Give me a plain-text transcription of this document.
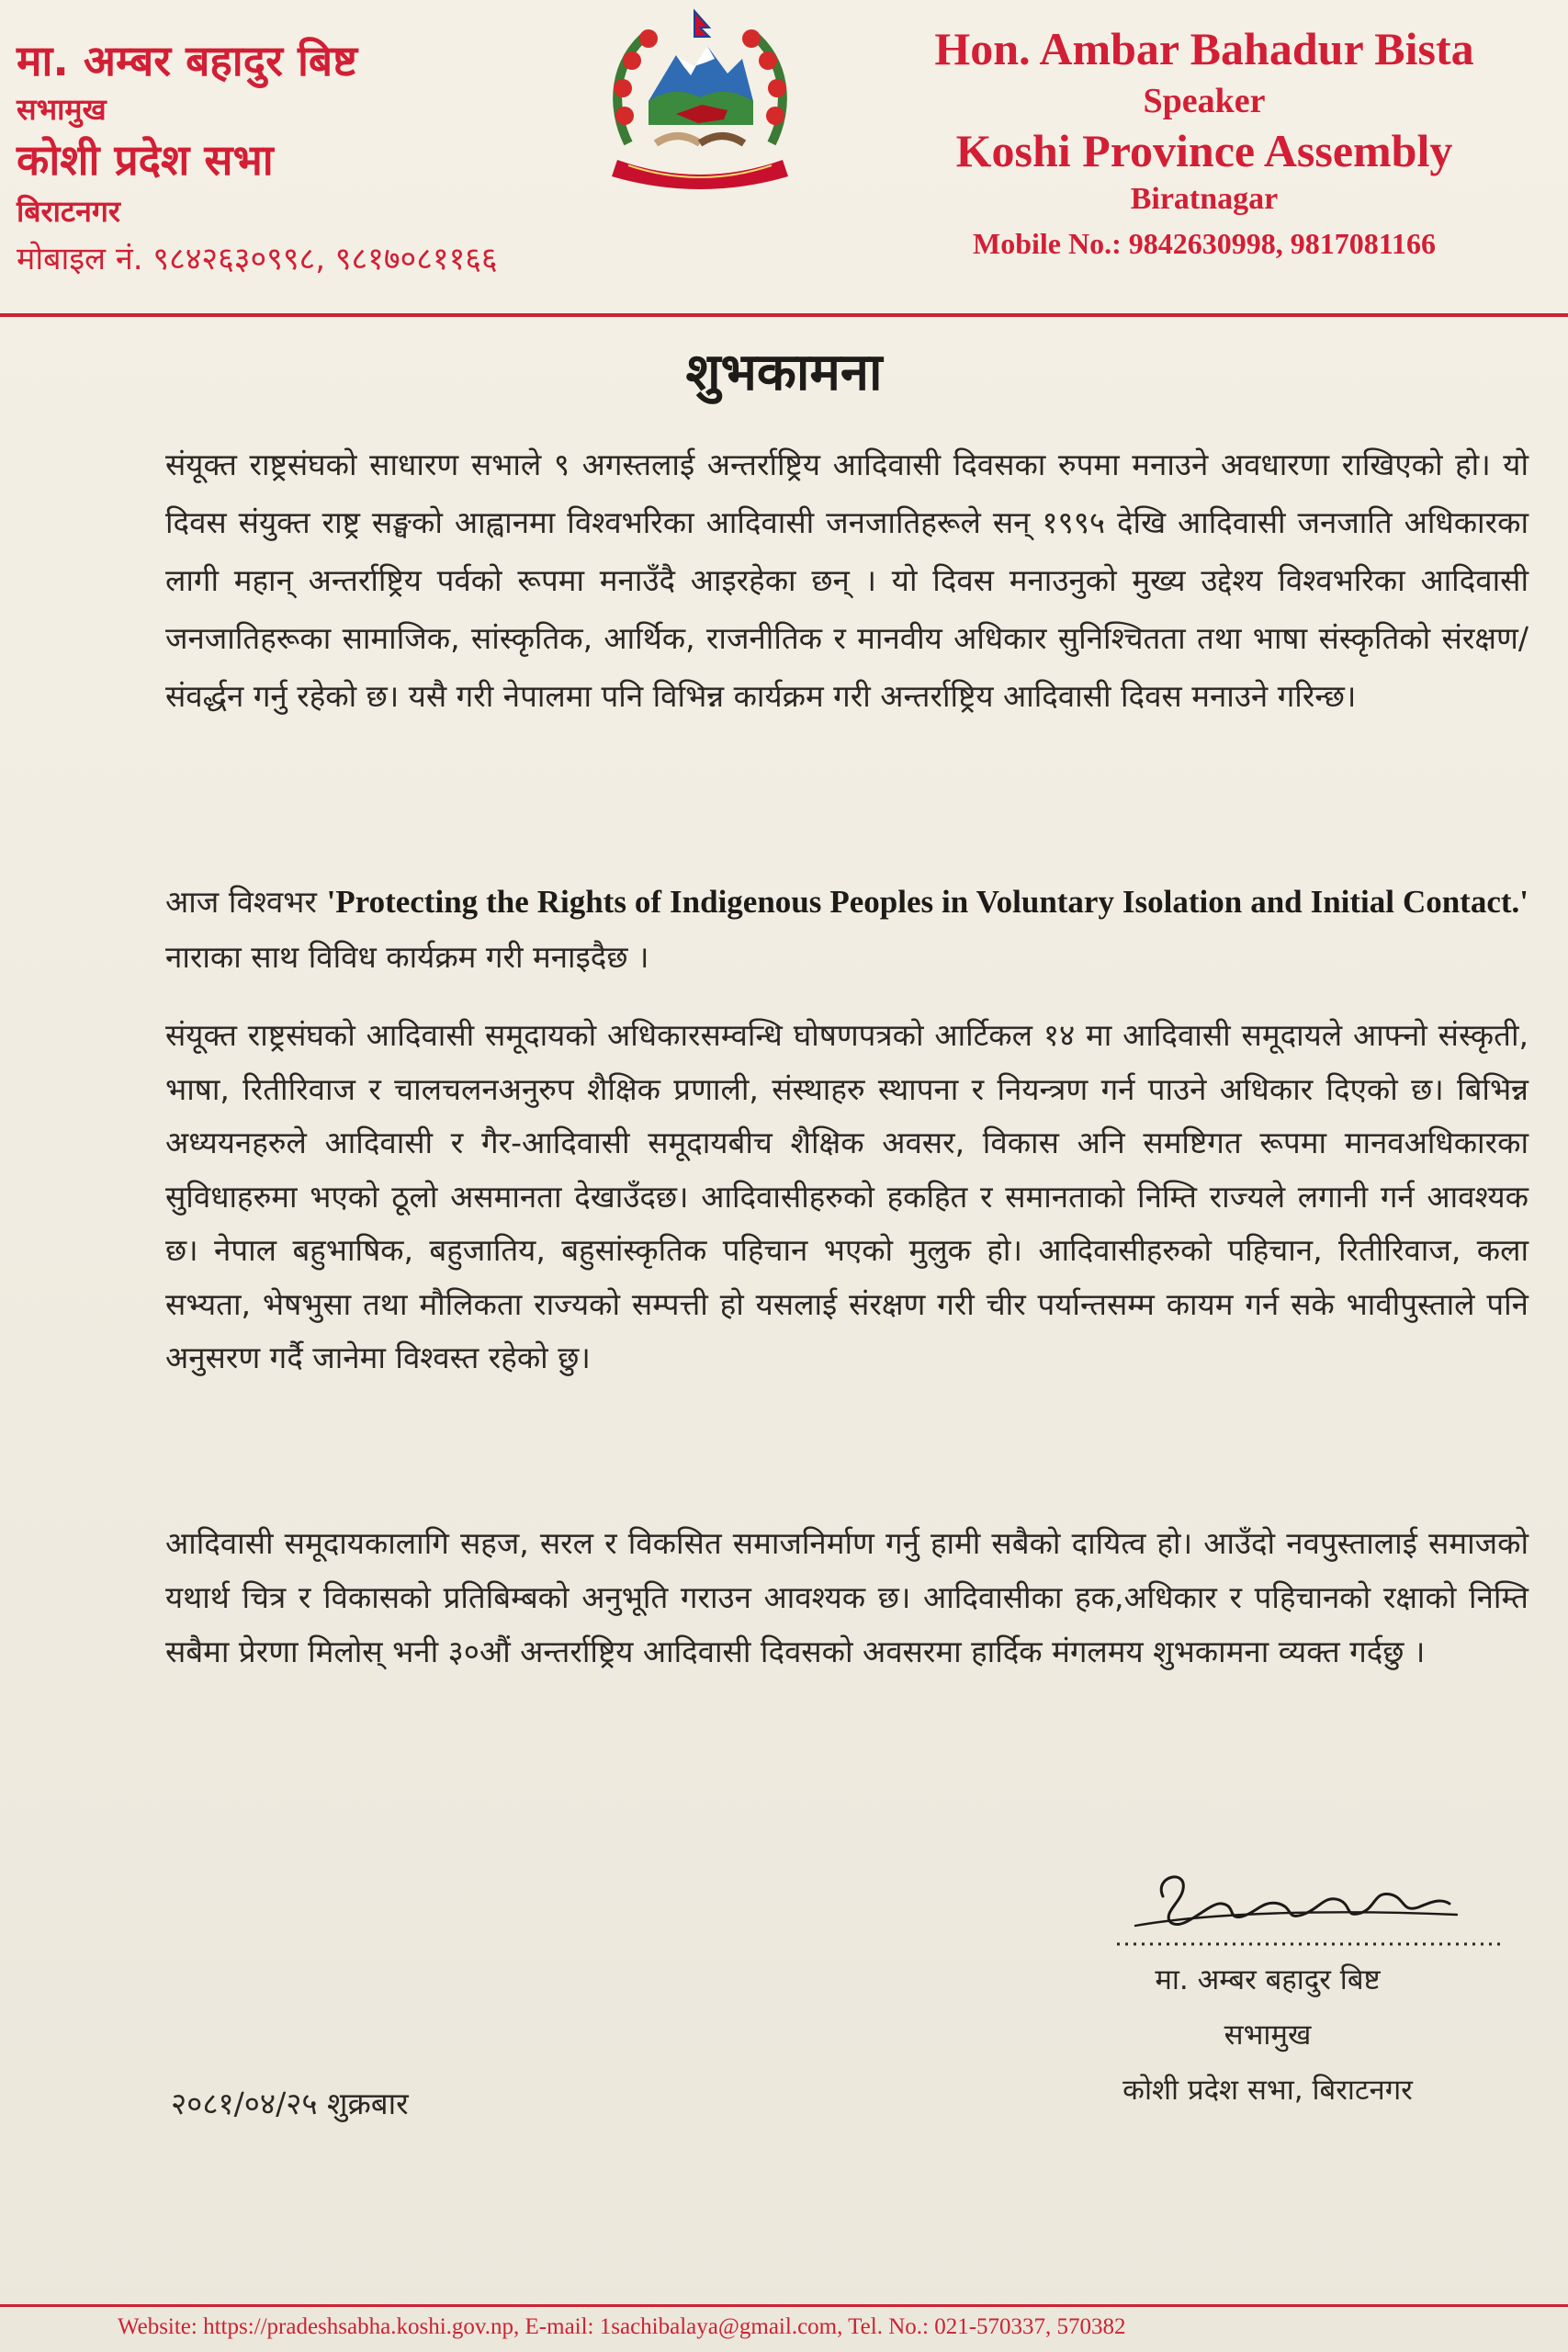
मा. अम्बर बहादुर बिष्ट
सभामुख
कोशी प्रदेश सभा
बिराटनगर
मोबाइल नं. ९८४२६३०९९८, ९८१७०८११६६
Hon. Ambar Bahadur Bista
Speaker
Koshi Province Assembly
Biratnagar
Mobile No.: 9842630998, 9817081166
शुभकामना
संयूक्त राष्ट्रसंघको साधारण सभाले ९ अगस्तलाई अन्तर्राष्ट्रिय आदिवासी दिवसका रुपमा मनाउने अवधारणा राखिएको हो। यो दिवस संयुक्त राष्ट्र सङ्घको आह्वानमा विश्वभरिका आदिवासी जनजातिहरूले सन् १९९५ देखि आदिवासी जनजाति अधिकारका लागी महान् अन्तर्राष्ट्रिय पर्वको रूपमा मनाउँदै आइरहेका छन् । यो दिवस मनाउनुको मुख्य उद्देश्य विश्वभरिका आदिवासी जनजातिहरूका सामाजिक, सांस्कृतिक, आर्थिक, राजनीतिक र मानवीय अधिकार सुनिश्चितता तथा भाषा संस्कृतिको संरक्षण/संवर्द्धन गर्नु रहेको छ। यसै गरी नेपालमा पनि विभिन्न कार्यक्रम गरी अन्तर्राष्ट्रिय आदिवासी दिवस मनाउने गरिन्छ।
आज विश्वभर 'Protecting the Rights of Indigenous Peoples in Voluntary Isolation and Initial Contact.' नाराका साथ विविध कार्यक्रम गरी मनाइदैछ ।
संयूक्त राष्ट्रसंघको आदिवासी समूदायको अधिकारसम्वन्धि घोषणपत्रको आर्टिकल १४ मा आदिवासी समूदायले आफ्नो संस्कृती, भाषा, रितीरिवाज र चालचलनअनुरुप शैक्षिक प्रणाली, संस्थाहरु स्थापना र नियन्त्रण गर्न पाउने अधिकार दिएको छ। बिभिन्न अध्ययनहरुले आदिवासी र गैर-आदिवासी समूदायबीच शैक्षिक अवसर, विकास अनि समष्टिगत रूपमा मानवअधिकारका सुविधाहरुमा भएको ठूलो असमानता देखाउँदछ। आदिवासीहरुको हकहित र समानताको निम्ति राज्यले लगानी गर्न आवश्यक छ। नेपाल बहुभाषिक, बहुजातिय, बहुसांस्कृतिक पहिचान भएको मुलुक हो। आदिवासीहरुको पहिचान, रितीरिवाज, कला सभ्यता, भेषभुसा तथा मौलिकता राज्यको सम्पत्ती हो यसलाई संरक्षण गरी चीर पर्यान्तसम्म कायम गर्न सके भावीपुस्ताले पनि अनुसरण गर्दै जानेमा विश्वस्त रहेको छु।
आदिवासी समूदायकालागि सहज, सरल र विकसित समाजनिर्माण गर्नु हामी सबैको दायित्व हो। आउँदो नवपुस्तालाई समाजको यथार्थ चित्र र विकासको प्रतिबिम्बको अनुभूति गराउन आवश्यक छ। आदिवासीका हक,अधिकार र पहिचानको रक्षाको निम्ति सबैमा प्रेरणा मिलोस् भनी ३०औं अन्तर्राष्ट्रिय आदिवासी दिवसको अवसरमा हार्दिक मंगलमय शुभकामना व्यक्त गर्दछु ।
मा. अम्बर बहादुर बिष्ट
सभामुख
कोशी प्रदेश सभा, बिराटनगर
२०८१/०४/२५ शुक्रबार
Website: https://pradeshsabha.koshi.gov.np, E-mail: 1sachibalaya@gmail.com, Tel. No.: 021-570337, 570382
